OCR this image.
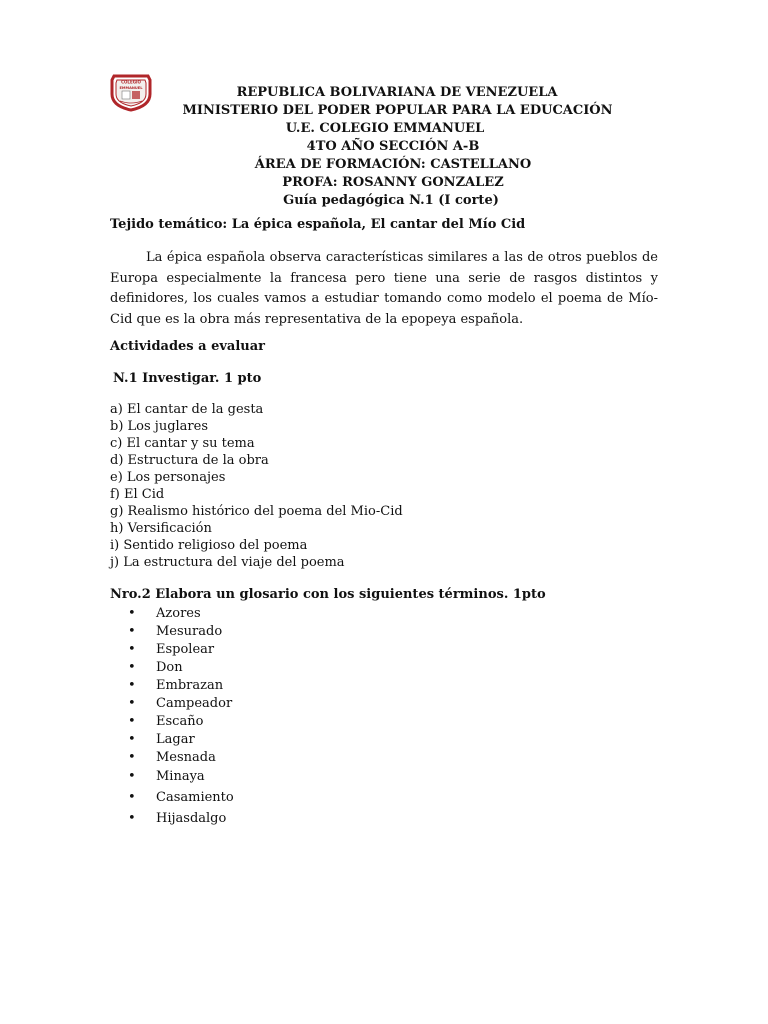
COLEGIO
EMMANUEL	REPUBLICA BOLIVARIANA DE VENEZUELA
MINISTERIO DEL PODER POPULAR PARA LA EDUCACIÓN
U.E. COLEGIO EMMANUEL
4TO AÑO SECCIÓN A-B
ÁREA DE FORMACIÓN: CASTELLANO
PROFA: ROSANNY GONZALEZ
Guía pedagógica N.1 (I corte)
Tejido temático: La épica española, El cantar del Mío Cid

La épica española observa características similares a las de otros pueblos de Europa especialmente la francesa pero tiene una serie de rasgos distintos y definidores, los cuales vamos a estudiar tomando como modelo el poema de Mío-Cid que es la obra más representativa de la epopeya española.

Actividades a evaluar
N.1 Investigar. 1 pto
a) El cantar de la gesta
b) Los juglares
c) El cantar y su tema
d) Estructura de la obra
e) Los personajes
f) El Cid
g) Realismo histórico del poema del Mio-Cid
h) Versificación
i) Sentido religioso del poema
j) La estructura del viaje del poema
Nro.2 Elabora un glosario con los siguientes términos. 1pto
• Azores
• Mesurado
• Espolear
• Don
• Embrazan
• Campeador
• Escaño
• Lagar
• Mesnada
• Minaya
• Casamiento
• Hijasdalgo
